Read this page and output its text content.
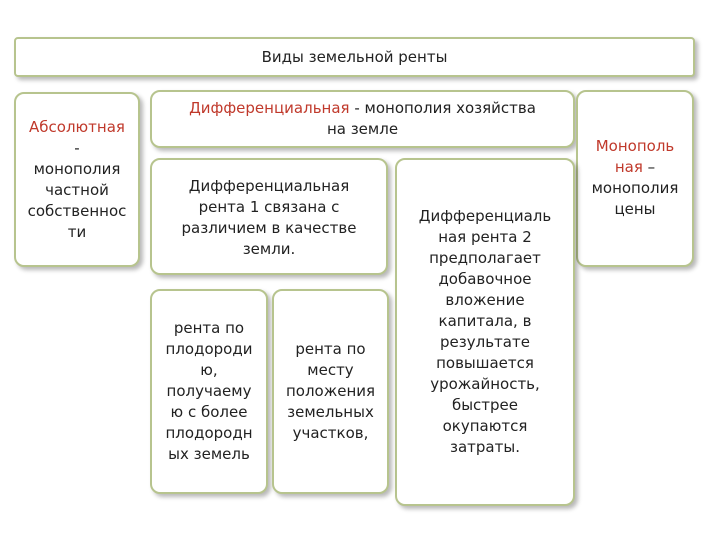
Виды земельной ренты
Абсолютная
-
монополия
частной
собственнос
ти
Дифференциальная - монополия хозяйства
на земле
Монополь
ная –
монополия
цены
Дифференциальная
рента 1 связана с
различием в качестве
земли.
Дифференциаль
ная рента 2
предполагает
добавочное
вложение
капитала, в
результате
повышается
урожайность,
быстрее
окупаются
затраты.
рента по
плодороди
ю,
получаему
ю с более
плодородн
ых земель
рента по
месту
положения
земельных
участков,
